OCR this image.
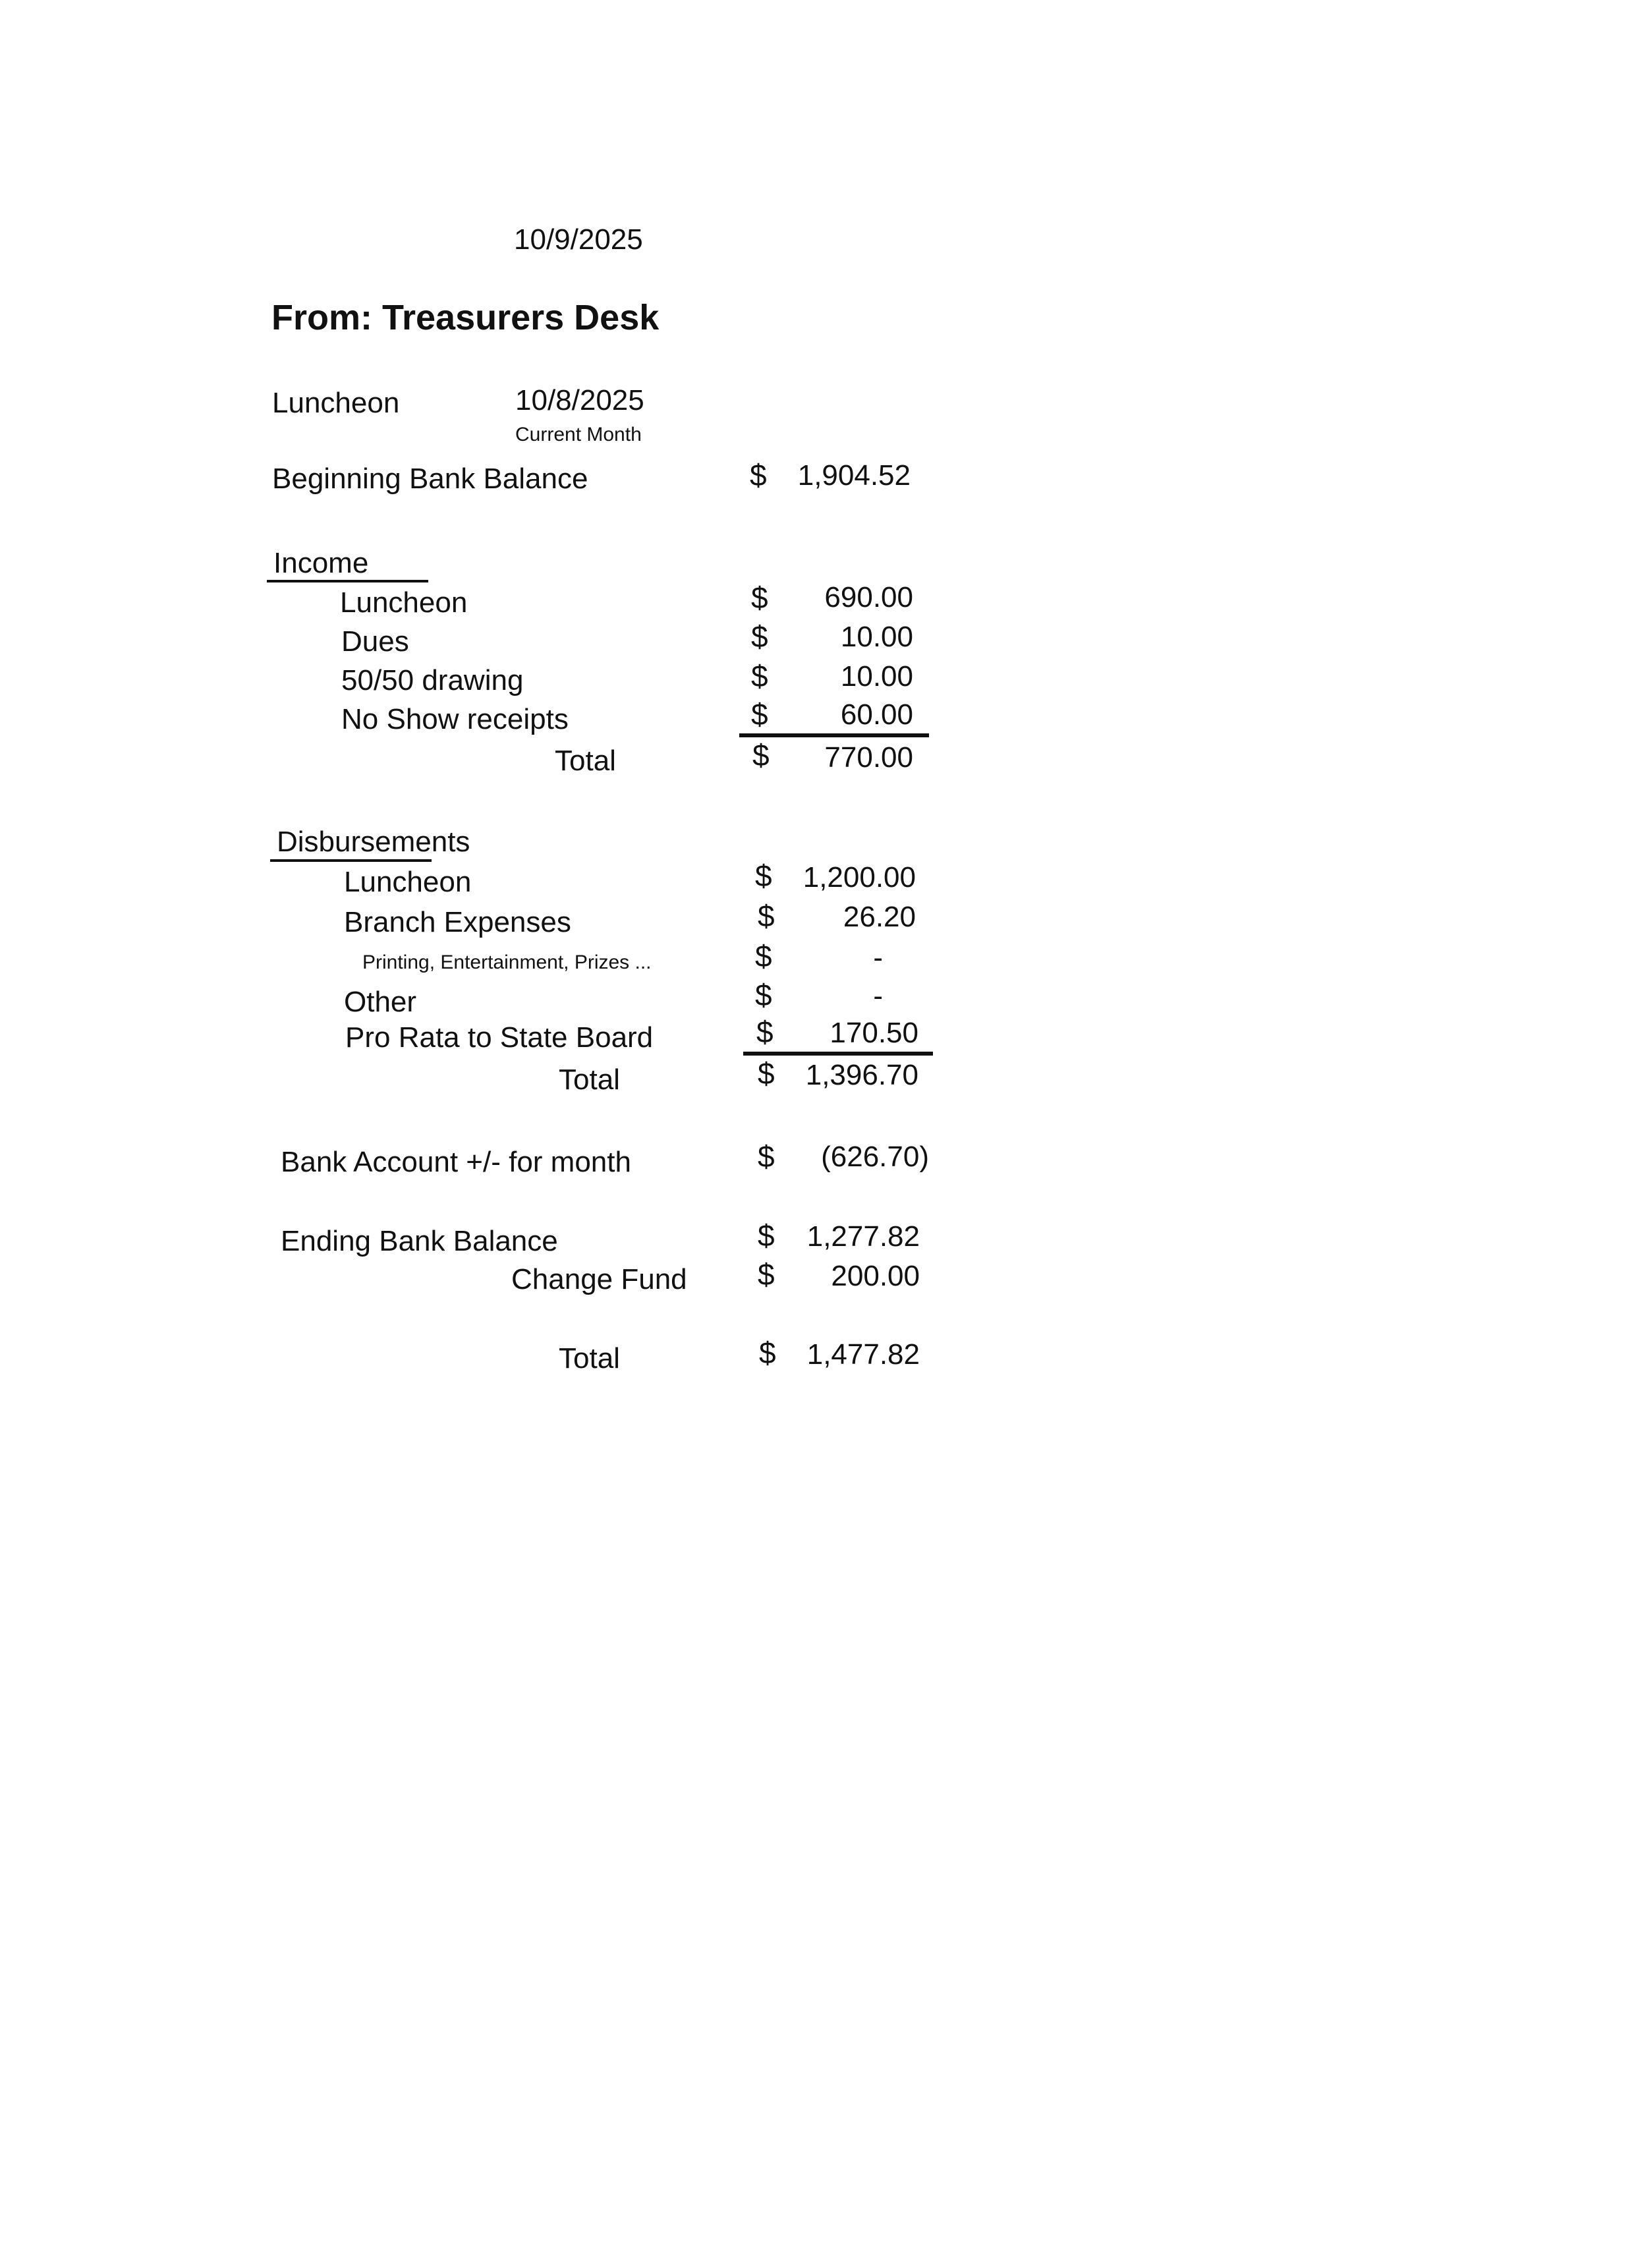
10/9/2025
From: Treasurers Desk
Luncheon	10/8/2025
Current Month
Beginning Bank Balance	$ 1,904.52
Income
Luncheon	$ 690.00
Dues	$	10.00
50/50 drawing	$	10.00
No Show receipts	$	60.00
Total	$ 770.00
Disbursements
Luncheon	$ 1,200.00
Branch Expenses	$ 26.20
Printing, Entertainment, Prizes ...	$	-
Other	$	-
Pro Rata to State Board	$ 170.50
Total	$ 1,396.70
Bank Account +/- for month	$ (626.70)
Ending Bank Balance	$ 1,277.82
Change Fund $ 200.00
Total	$ 1,477.82
